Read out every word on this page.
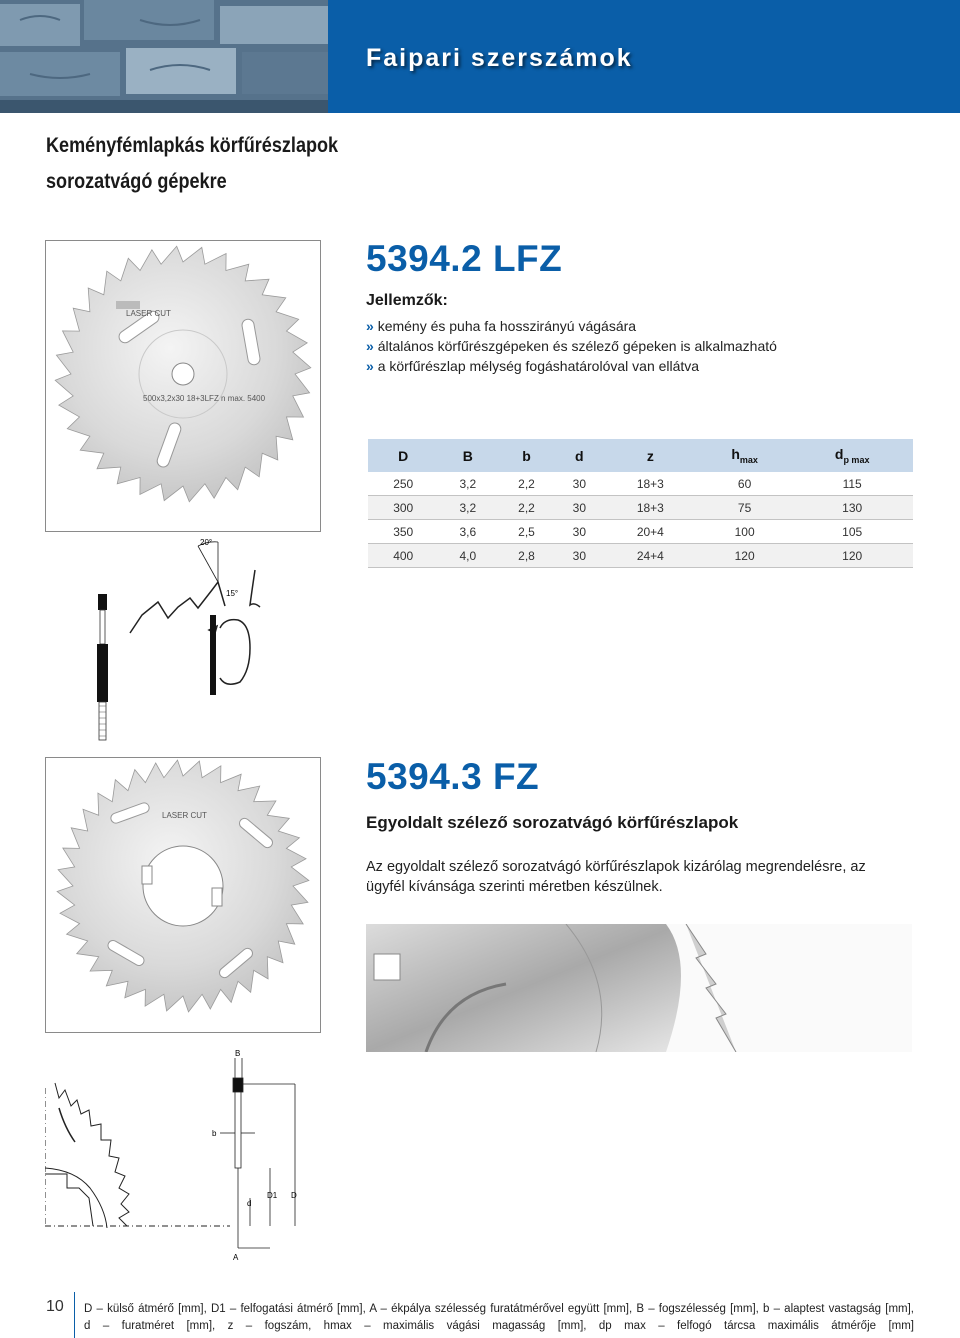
Faipari szerszámok
Keményfémlapkás körfűrészlapok
sorozatvágó gépekre
LASER CUT
500x3,2x30 18+3LFZ n max. 5400
5394.2 LFZ
Jellemzők:
» kemény és puha fa hosszirányú vágására
» általános körfűrészgépeken és szélező gépeken is alkalmazható
» a körfűrészlap mélység fogáshatárolóval van ellátva
D	B	b	d	z	$h_{max}$	$d_{p max}$
250	3,2	2,2	30	18+3	60	115
300	3,2	2,2	30	18+3	75	130
350	3,6	2,5	30	20+4	100	105
400	4,0	2,8	30	24+4	120	120
20°
15°
5394.3 FZ
Egyoldalt szélező sorozatvágó körfűrészlapok
Az egyoldalt szélező sorozatvágó körfűrészlapok kizárólag megrendelésre, az ügyfél kívánsága szerinti méretben készülnek.
LASER CUT
B
b
d
D1 D
A
10 D – külső átmérő [mm], D1 – felfogatási átmérő [mm], A – ékpálya szélesség furatátmérővel együtt [mm], B – fogszélesség [mm], b – alaptest vastagság [mm],
d – furatméret [mm], z – fogszám, hmax – maximális vágási magasság [mm], dp max – felfogó tárcsa maximális átmérője [mm]
